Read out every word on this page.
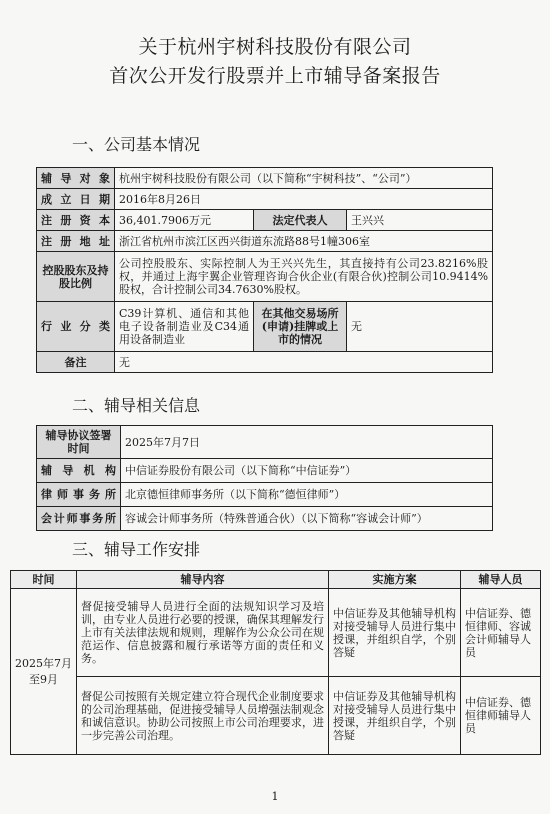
关于杭州宇树科技股份有限公司
首次公开发行股票并上市辅导备案报告
一、公司基本情况
辅导对象	杭州宇树科技股份有限公司（以下简称“宇树科技”、“公司”）		
成立日期	2016年8月26日		
注册资本	36,401.7906万元	法定代表人	王兴兴
注册地址	浙江省杭州市滨江区西兴街道东流路88号1幢306室		
控股股东及持股比例	公司控股股东、实际控制人为王兴兴先生，其直接持有公司23.8216%股权，并通过上海宇翼企业管理咨询合伙企业(有限合伙)控制公司10.9414%股权，合计控制公司34.7630%股权。		
行业分类	C39计算机、通信和其他电子设备制造业及C34通用设备制造业	在其他交易场所(申请)挂牌或上市的情况	无
备注	无		
二、辅导相关信息
辅导协议签署时间	2025年7月7日
辅导机构	中信证券股份有限公司（以下简称“中信证券”）
律师事务所	北京德恒律师事务所（以下简称“德恒律师”）
会计师事务所	容诚会计师事务所（特殊普通合伙）（以下简称“容诚会计师”）
三、辅导工作安排
时间	辅导内容	实施方案	辅导人员
2025年7月至9月	督促接受辅导人员进行全面的法规知识学习及培训，由专业人员进行必要的授课，确保其理解发行上市有关法律法规和规则，理解作为公众公司在规范运作、信息披露和履行承诺等方面的责任和义务。	中信证券及其他辅导机构对接受辅导人员进行集中授课，并组织自学，个别答疑	中信证券、德恒律师、容诚会计师辅导人员
	督促公司按照有关规定建立符合现代企业制度要求的公司治理基础，促进接受辅导人员增强法制观念和诚信意识。协助公司按照上市公司治理要求，进一步完善公司治理。	中信证券及其他辅导机构对接受辅导人员进行集中授课，并组织自学，个别答疑	中信证券、德恒律师辅导人员
1
